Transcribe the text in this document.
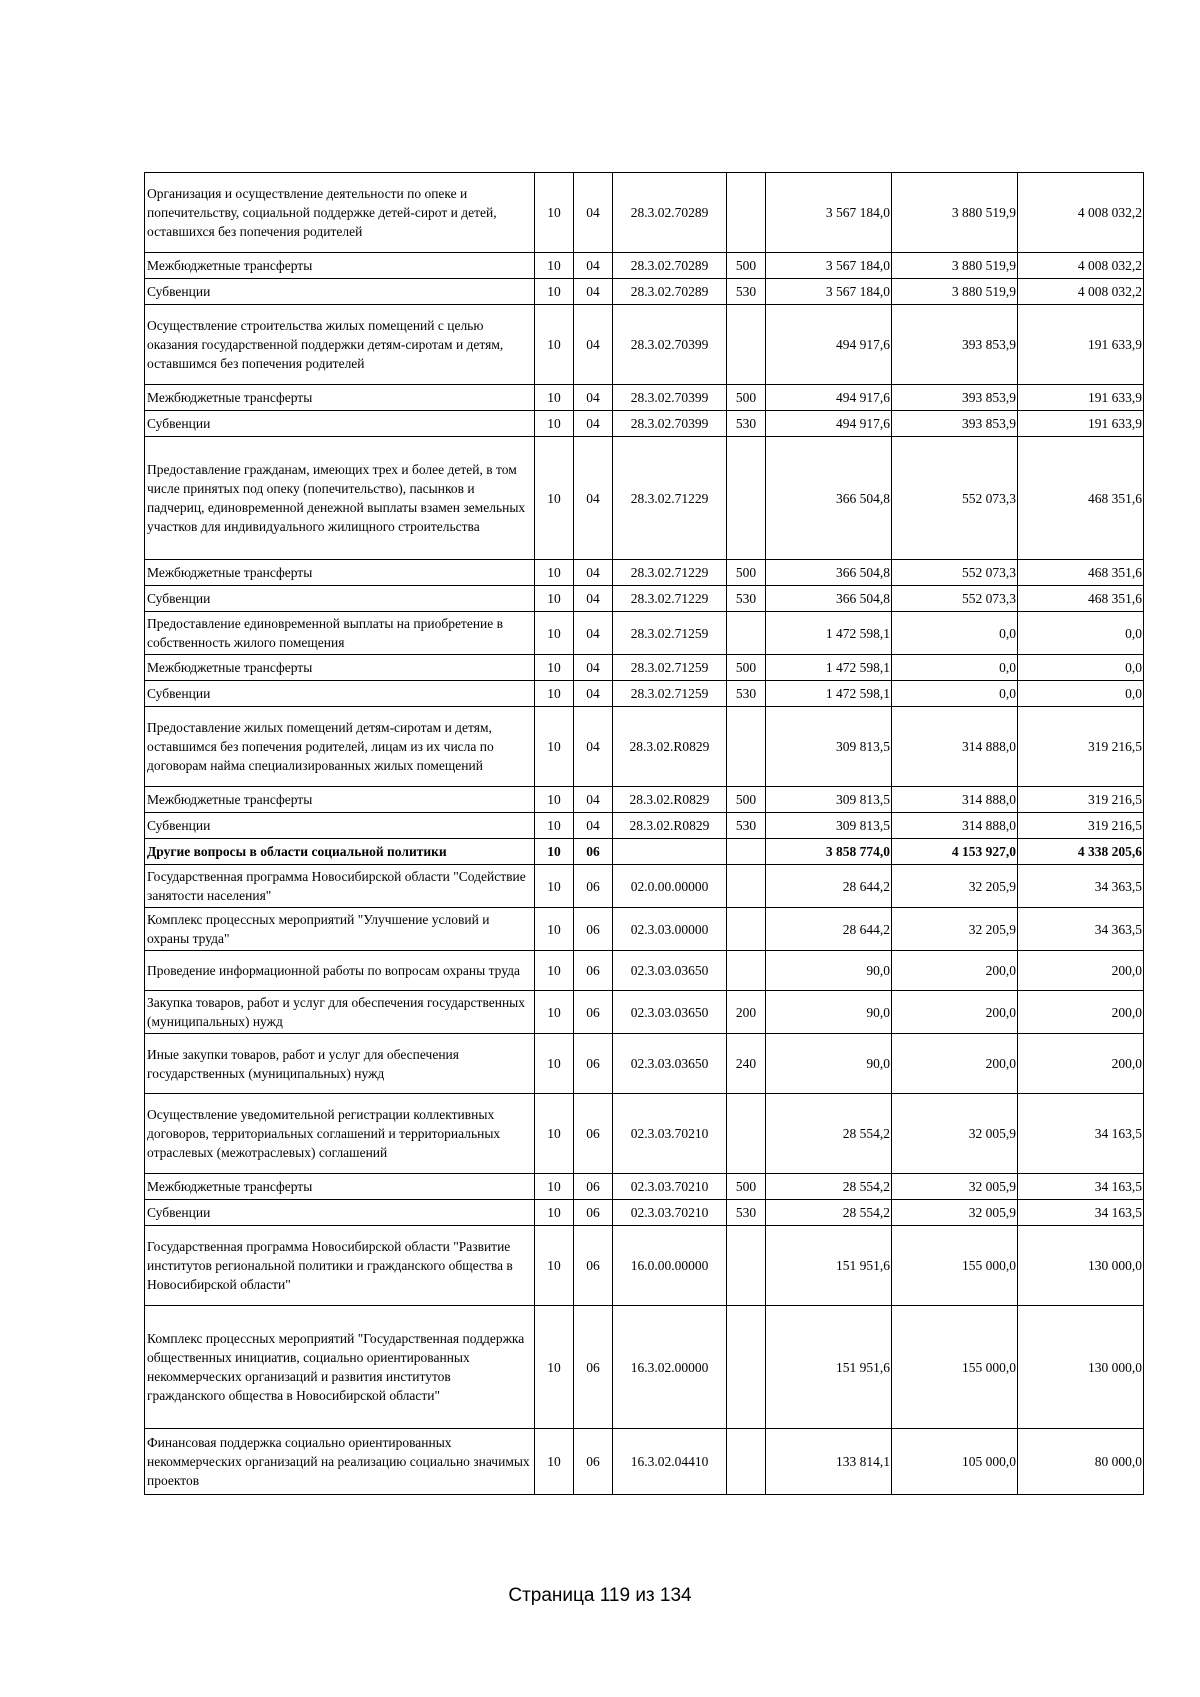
Организация и осуществление деятельности по опеке и попечительству, социальной поддержке детей-сирот и детей, оставшихся без попечения родителей	10	04	28.3.02.70289		3 567 184,0	3 880 519,9	4 008 032,2
Межбюджетные трансферты	10	04	28.3.02.70289	500	3 567 184,0	3 880 519,9	4 008 032,2
Субвенции	10	04	28.3.02.70289	530	3 567 184,0	3 880 519,9	4 008 032,2
Осуществление строительства жилых помещений с целью оказания государственной поддержки детям-сиротам и детям, оставшимся без попечения родителей	10	04	28.3.02.70399		494 917,6	393 853,9	191 633,9
Межбюджетные трансферты	10	04	28.3.02.70399	500	494 917,6	393 853,9	191 633,9
Субвенции	10	04	28.3.02.70399	530	494 917,6	393 853,9	191 633,9
Предоставление гражданам, имеющих трех и более детей, в том числе принятых под опеку (попечительство), пасынков и падчериц, единовременной денежной выплаты взамен земельных участков для индивидуального жилищного строительства	10	04	28.3.02.71229		366 504,8	552 073,3	468 351,6
Межбюджетные трансферты	10	04	28.3.02.71229	500	366 504,8	552 073,3	468 351,6
Субвенции	10	04	28.3.02.71229	530	366 504,8	552 073,3	468 351,6
Предоставление единовременной выплаты на приобретение в собственность жилого помещения	10	04	28.3.02.71259		1 472 598,1	0,0	0,0
Межбюджетные трансферты	10	04	28.3.02.71259	500	1 472 598,1	0,0	0,0
Субвенции	10	04	28.3.02.71259	530	1 472 598,1	0,0	0,0
Предоставление жилых помещений детям-сиротам и детям, оставшимся без попечения родителей, лицам из их числа по договорам найма специализированных жилых помещений	10	04	28.3.02.R0829		309 813,5	314 888,0	319 216,5
Межбюджетные трансферты	10	04	28.3.02.R0829	500	309 813,5	314 888,0	319 216,5
Субвенции	10	04	28.3.02.R0829	530	309 813,5	314 888,0	319 216,5
Другие вопросы в области социальной политики	10	06			3 858 774,0	4 153 927,0	4 338 205,6
Государственная программа Новосибирской области "Содействие занятости населения"	10	06	02.0.00.00000		28 644,2	32 205,9	34 363,5
Комплекс процессных мероприятий "Улучшение условий и охраны труда"	10	06	02.3.03.00000		28 644,2	32 205,9	34 363,5
Проведение информационной работы по вопросам охраны труда	10	06	02.3.03.03650		90,0	200,0	200,0
Закупка товаров, работ и услуг для обеспечения государственных (муниципальных) нужд	10	06	02.3.03.03650	200	90,0	200,0	200,0
Иные закупки товаров, работ и услуг для обеспечения государственных (муниципальных) нужд	10	06	02.3.03.03650	240	90,0	200,0	200,0
Осуществление уведомительной регистрации коллективных договоров, территориальных соглашений и территориальных отраслевых (межотраслевых) соглашений	10	06	02.3.03.70210		28 554,2	32 005,9	34 163,5
Межбюджетные трансферты	10	06	02.3.03.70210	500	28 554,2	32 005,9	34 163,5
Субвенции	10	06	02.3.03.70210	530	28 554,2	32 005,9	34 163,5
Государственная программа Новосибирской области "Развитие институтов региональной политики и гражданского общества в Новосибирской области"	10	06	16.0.00.00000		151 951,6	155 000,0	130 000,0
Комплекс процессных мероприятий "Государственная поддержка общественных инициатив, социально ориентированных некоммерческих организаций и развития институтов гражданского общества в Новосибирской области"	10	06	16.3.02.00000		151 951,6	155 000,0	130 000,0
Финансовая поддержка социально ориентированных некоммерческих организаций на реализацию социально значимых проектов	10	06	16.3.02.04410		133 814,1	105 000,0	80 000,0
Страница 119 из 134
